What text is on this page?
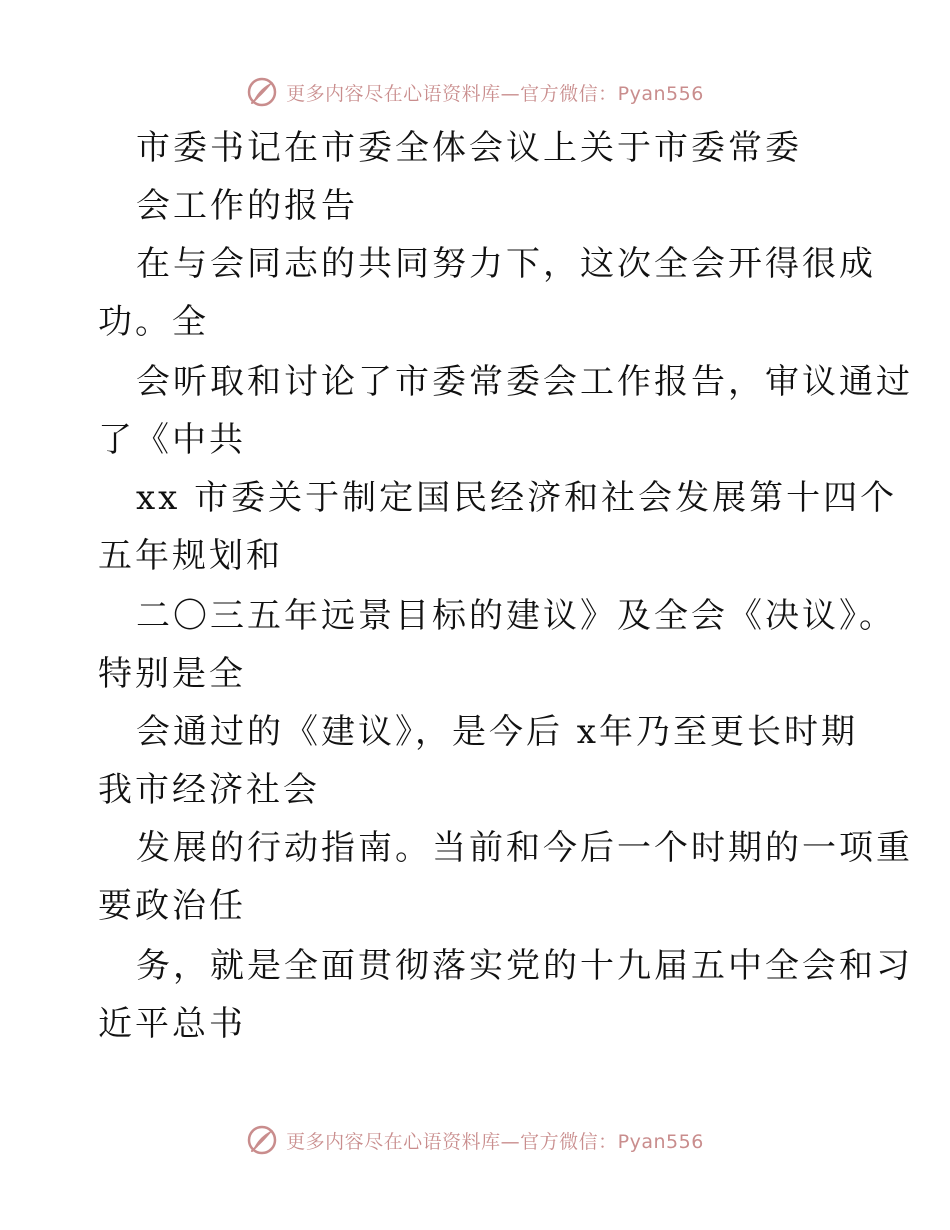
更多内容尽在心语资料库—官方微信：Pyan556
市委书记在市委全体会议上关于市委常委
会工作的报告
在与会同志的共同努力下，这次全会开得很成
功。全
会听取和讨论了市委常委会工作报告，审议通过
了《中共
xx 市委关于制定国民经济和社会发展第十四个
五年规划和
二〇三五年远景目标的建议》及全会《决议》。
特别是全
会通过的《建议》，是今后 x年乃至更长时期
我市经济社会
发展的行动指南。当前和今后一个时期的一项重
要政治任
务，就是全面贯彻落实党的十九届五中全会和习
近平总书
更多内容尽在心语资料库—官方微信：Pyan556
